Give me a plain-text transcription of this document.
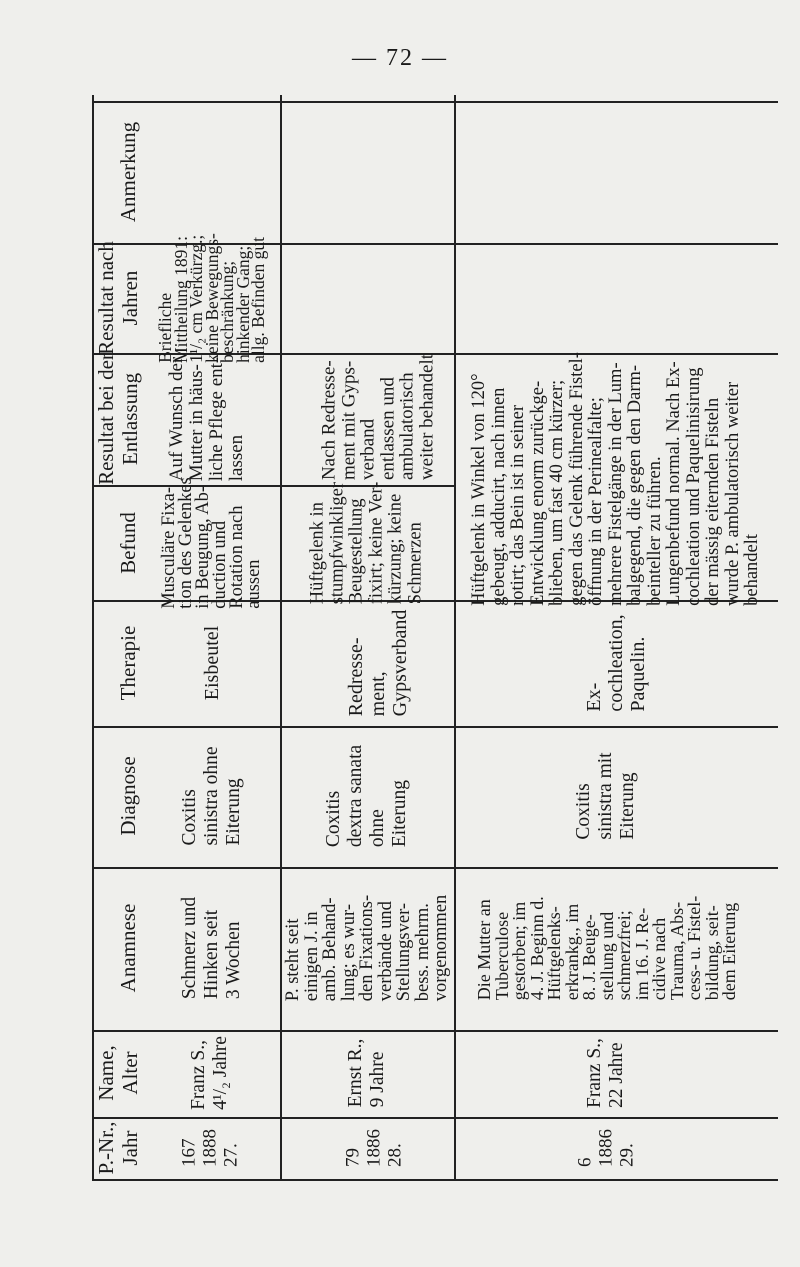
— 72 —
Anmerkung
Resultat nach
Jahren
Resultat bei der
Entlassung
Befund
Therapie
Diagnose
Anamnese
Name,
Alter
P.-Nr.,
Jahr
Briefliche
Mittheilung 1891:
1¹/₂ cm Verkürzg.;
keine Bewegungs-
beschränkung;
hinkender Gang;
allg. Befinden gut
Auf Wunsch der
Mutter in häus-
liche Pflege ent-
lassen
Musculäre Fixa-
tion des Gelenkes
in Beugung, Ab-
duction und
Rotation nach
aussen
Eisbeutel
Coxitis
sinistra ohne
Eiterung
Schmerz und
Hinken seit
3 Wochen
Franz S.,
4¹/₂ Jahre
167
1888
27.
Nach Redresse-
ment mit Gyps-
verband
entlassen und
ambulatorisch
weiter behandelt
Hüftgelenk in
stumpfwinkliger
Beugestellung
fixirt; keine Ver-
kürzung; keine
Schmerzen
Redresse-
ment,
Gypsverband
Coxitis
dextra sanata
ohne
Eiterung
P. steht seit
einigen J. in
amb. Behand-
lung; es wur-
den Fixations-
verbände und
Stellungsver-
bess. mehrm.
vorgenommen
Ernst R.,
9 Jahre
79
1886
28.
Hüftgelenk in Winkel von 120°
gebeugt, adducirt, nach innen
rotirt; das Bein ist in seiner
Entwicklung enorm zurückge-
blieben, um fast 40 cm kürzer;
gegen das Gelenk führende Fistel-
öffnung in der Perinealfalte;
mehrere Fistelgänge in der Lum-
balgegend, die gegen den Darm-
beinteller zu führen.
Lungenbefund normal. Nach Ex-
cochleation und Paquelinisirung
der mässig eiternden Fisteln
wurde P. ambulatorisch weiter
behandelt
Ex-
cochleation,
Paquelin.
Coxitis
sinistra mit
Eiterung
Die Mutter an
Tuberculose
gestorben; im
4. J. Beginn d.
Hüftgelenks-
erkrankg., im
8. J. Beuge-
stellung und
schmerzfrei;
im 16. J. Re-
cidive nach
Trauma, Abs-
cess- u. Fistel-
bildung, seit-
dem Eiterung
Franz S.,
22 Jahre
6
1886
29.
